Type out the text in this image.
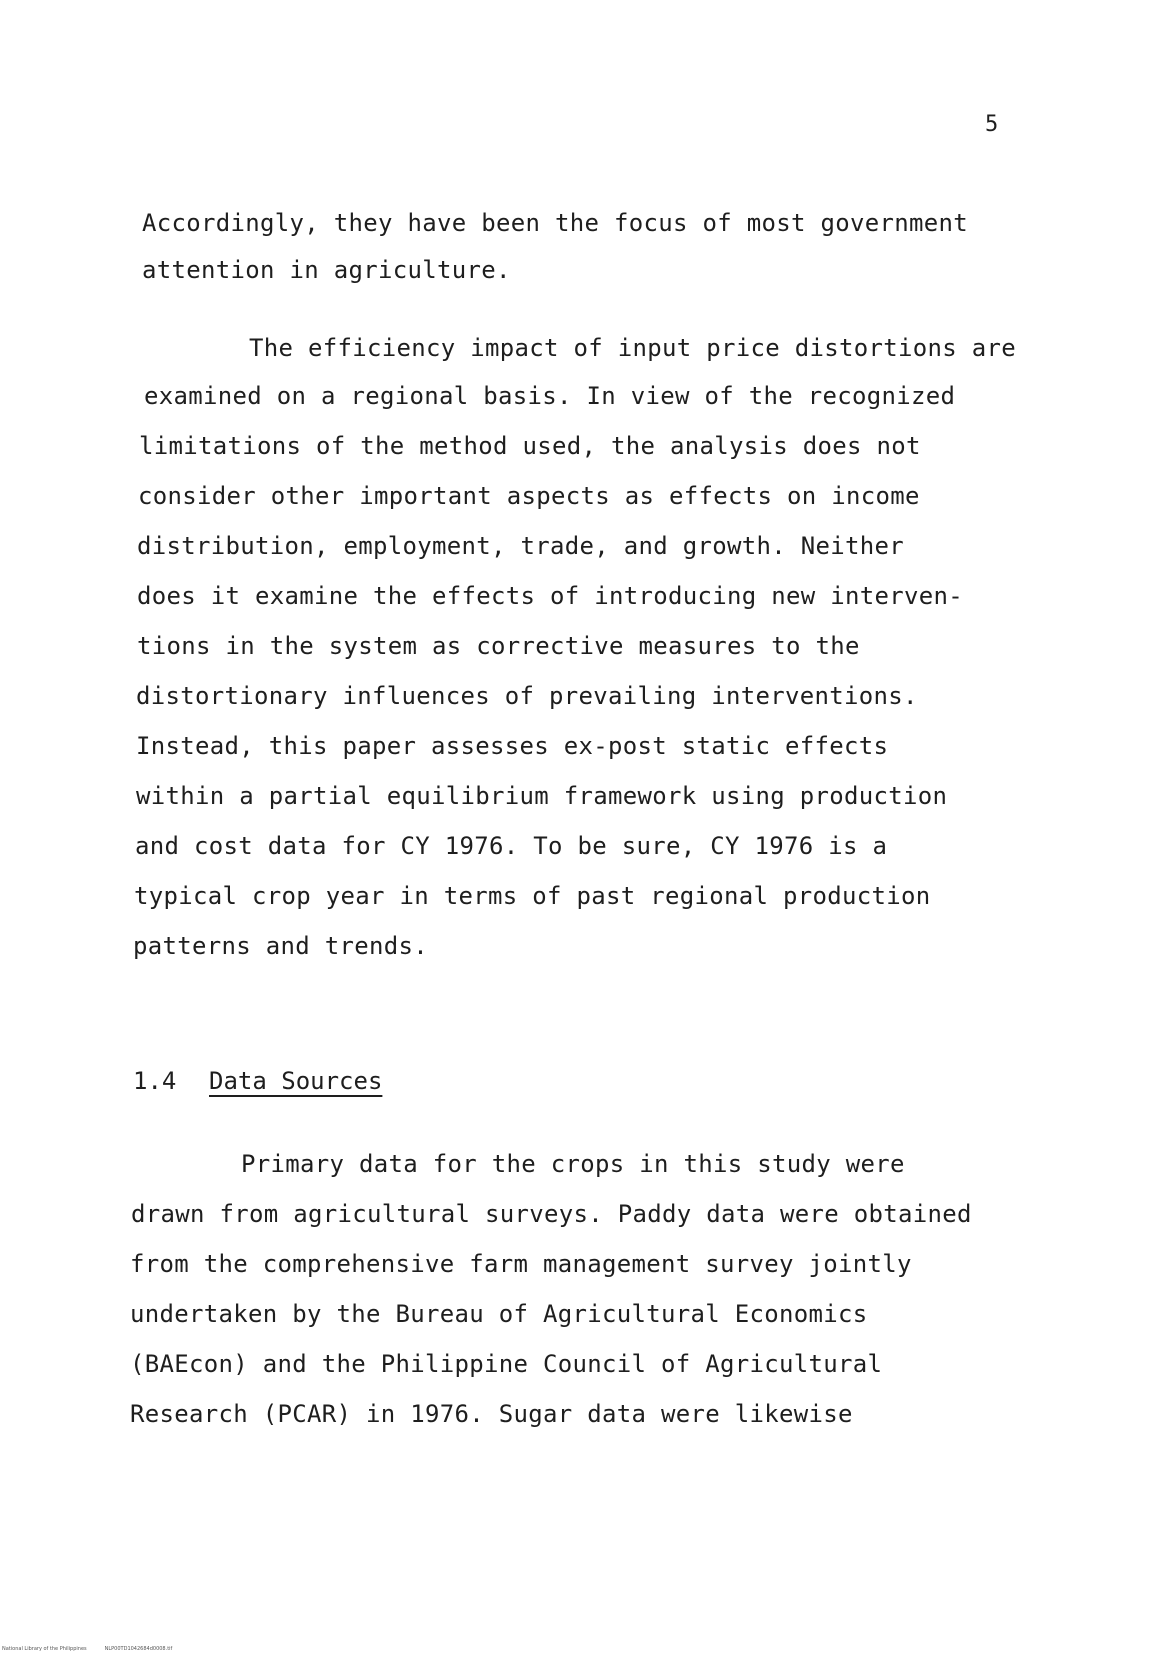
5
Accordingly, they have been the focus of most government
attention in agriculture.
The efficiency impact of input price distortions are
examined on a regional basis. In view of the recognized
limitations of the method used, the analysis does not
consider other important aspects as effects on income
distribution, employment, trade, and growth. Neither
does it examine the effects of introducing new interven-
tions in the system as corrective measures to the
distortionary influences of prevailing interventions.
Instead, this paper assesses ex-post static effects
within a partial equilibrium framework using production
and cost data for CY 1976. To be sure, CY 1976 is a
typical crop year in terms of past regional production
patterns and trends.
1.4 Data Sources
Primary data for the crops in this study were
drawn from agricultural surveys. Paddy data were obtained
from the comprehensive farm management survey jointly
undertaken by the Bureau of Agricultural Economics
(BAEcon) and the Philippine Council of Agricultural
Research (PCAR) in 1976. Sugar data were likewise
National Library of the Philippines	NLP00TD1042684d0008.tif
